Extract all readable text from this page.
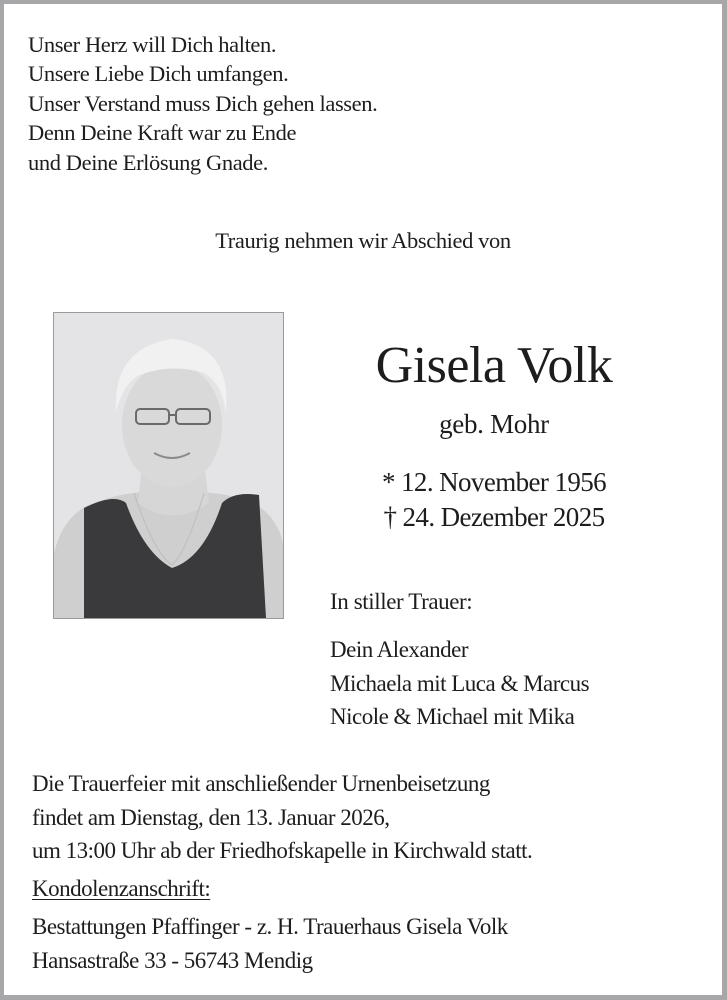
Unser Herz will Dich halten.
Unsere Liebe Dich umfangen.
Unser Verstand muss Dich gehen lassen.
Denn Deine Kraft war zu Ende
und Deine Erlösung Gnade.
Traurig nehmen wir Abschied von
Gisela Volk
geb. Mohr
* 12. November 1956
† 24. Dezember 2025
In stiller Trauer:
Dein Alexander
Michaela mit Luca & Marcus
Nicole & Michael mit Mika
Die Trauerfeier mit anschließender Urnenbeisetzung
findet am Dienstag, den 13. Januar 2026,
um 13:00 Uhr ab der Friedhofskapelle in Kirchwald statt.
Kondolenzanschrift:
Bestattungen Pfaffinger - z. H. Trauerhaus Gisela Volk
Hansastraße 33 - 56743 Mendig
